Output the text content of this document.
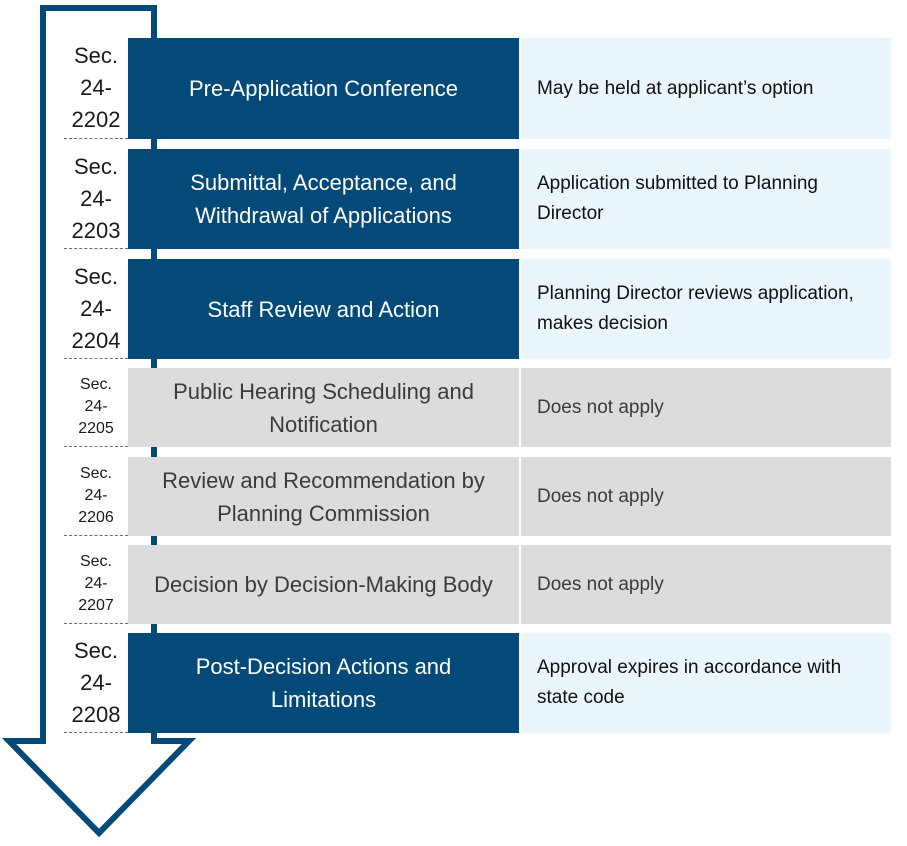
Sec.
24-
2202
Pre-Application Conference	May be held at applicant’s option
Sec.
24-
2203
Submittal, Acceptance, and Withdrawal of Applications
Application submitted to Planning Director
Sec.
24-
2204
Staff Review and Action
Planning Director reviews application, makes decision
Sec.
24-
2205
Public Hearing Scheduling and Notification
Does not apply
Sec.
24-
2206
Review and Recommendation by Planning Commission
Does not apply
Sec.
24-
2207
Decision by Decision-Making Body Does not apply
Sec.
24-
2208
Post-Decision Actions and Limitations
Approval expires in accordance with state code
